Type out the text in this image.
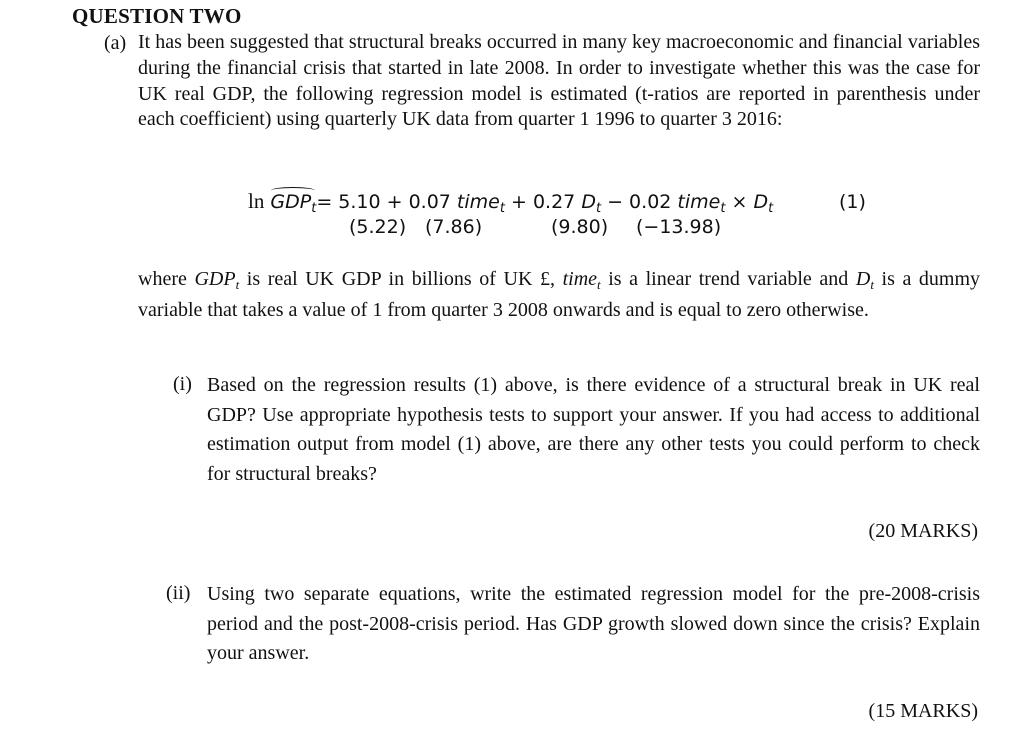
QUESTION TWO
(a) It has been suggested that structural breaks occurred in many key macroeconomic and financial variables during the financial crisis that started in late 2008. In order to investigate whether this was the case for UK real GDP, the following regression model is estimated (t-ratios are reported in parenthesis under each coefficient) using quarterly UK data from quarter 1 1996 to quarter 3 2016:
$\ln GDP_t= 5.10 + 0.07$ time$_t$ + 0.27 $D_t - 0.02$ time$_t$ × $D_t$	(1)
(5.22) (7.86)	(9.80) (−13.98)
where $GDP_t$ is real UK GDP in billions of UK £, time$_t$ is a linear trend variable and $D_t$ is a dummy variable that takes a value of 1 from quarter 3 2008 onwards and is equal to zero otherwise.
(i) Based on the regression results (1) above, is there evidence of a structural break in UK real GDP? Use appropriate hypothesis tests to support your answer. If you had access to additional estimation output from model (1) above, are there any other tests you could perform to check for structural breaks?
(20 MARKS)
(ii) Using two separate equations, write the estimated regression model for the pre-2008-crisis period and the post-2008-crisis period. Has GDP growth slowed down since the crisis? Explain your answer.
(15 MARKS)
